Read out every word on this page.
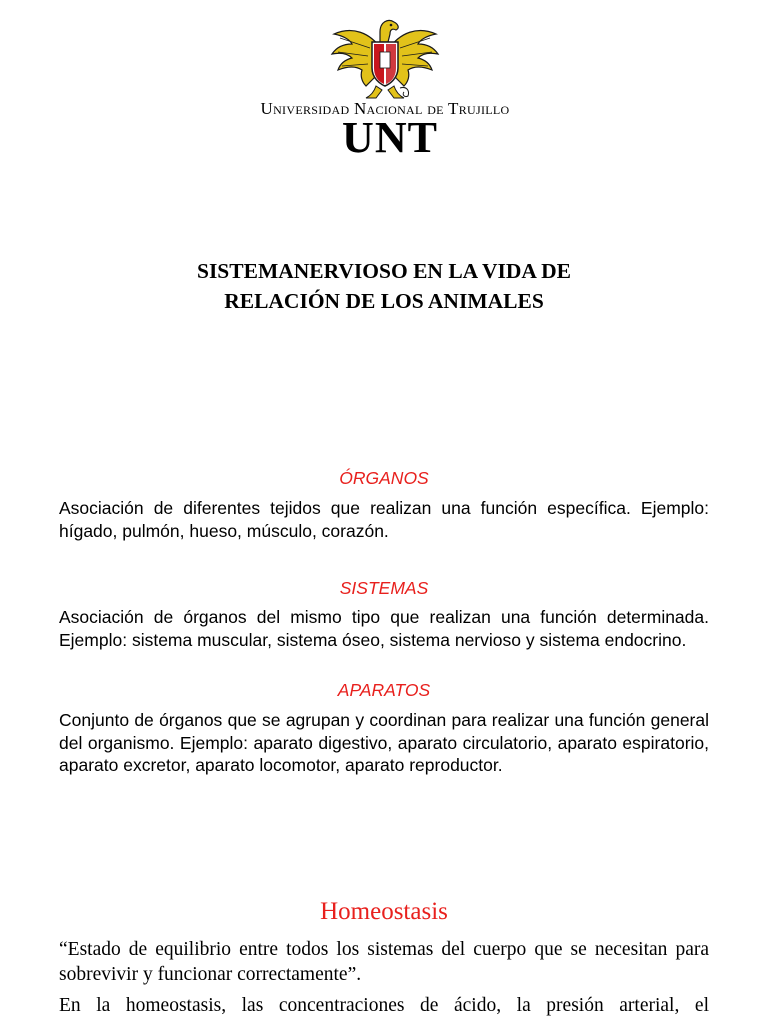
Universidad Nacional de Trujillo
UNT
SISTEMANERVIOSO EN LA VIDA DE
RELACIÓN DE LOS ANIMALES
ÓRGANOS
Asociación de diferentes tejidos que realizan una función específica. Ejemplo: hígado, pulmón, hueso, músculo, corazón.
SISTEMAS
Asociación de órganos del mismo tipo que realizan una función determinada. Ejemplo: sistema muscular, sistema óseo, sistema nervioso y sistema endocrino.
APARATOS
Conjunto de órganos que se agrupan y coordinan para realizar una función general del organismo. Ejemplo: aparato digestivo, aparato circulatorio, aparato espiratorio, aparato excretor, aparato locomotor, aparato reproductor.
Homeostasis
“Estado de equilibrio entre todos los sistemas del cuerpo que se necesitan para sobrevivir y funcionar correctamente”.
En la homeostasis, las concentraciones de ácido, la presión arterial, el
